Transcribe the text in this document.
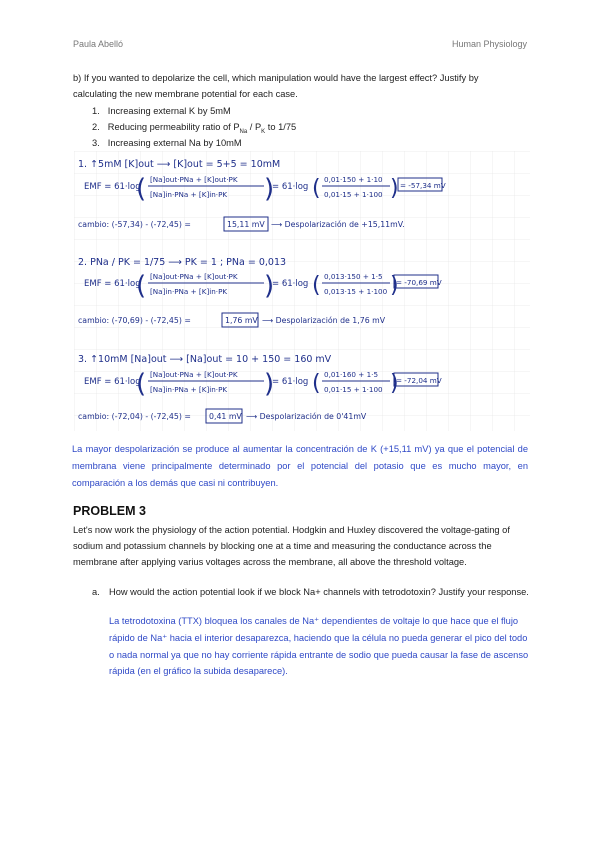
Paula Abelló	Human Physiology
b) If you wanted to depolarize the cell, which manipulation would have the largest effect? Justify by
calculating the new membrane potential for each case.
1. Increasing external K by 5mM
2. Reducing permeability ratio of $P_{Na} / P_K$ to 1/75
3. Increasing external Na by 10mM
1. ↑5mM [K]out ⟶ [K]out = 5+5 = 10mM
EMF = 61·log
( [Na]out·PNa + [K]out·PK
[Na]in·PNa + [K]in·PK )
= 61·log ( 0,01·150 + 1·10
0,01·15 + 1·100 ) = -57,34 mV
cambio: (-57,34) - (-72,45) =	15,11 mV ⟶ Despolarización de +15,11mV.
2. PNa / PK = 1/75 ⟶ PK = 1 ; PNa = 0,013
EMF = 61·log
( [Na]out·PNa + [K]out·PK
[Na]in·PNa + [K]in·PK )
= 61·log ( 0,013·150 + 1·5
0,013·15 + 1·100 )
= -70,69 mV
cambio: (-70,69) - (-72,45) =	1,76 mV ⟶ Despolarización de 1,76 mV
3. ↑10mM [Na]out ⟶ [Na]out = 10 + 150 = 160 mV
EMF = 61·log
( [Na]out·PNa + [K]out·PK
[Na]in·PNa + [K]in·PK )
= 61·log ( 0,01·160 + 1·5
0,01·15 + 1·100 )
= -72,04 mV
cambio: (-72,04) - (-72,45) = 0,41 mV ⟶ Despolarización de 0'41mV
La mayor despolarización se produce al aumentar la concentración de K (+15,11 mV) ya que el potencial de membrana viene principalmente determinado por el potencial del potasio que es mucho mayor, en comparación a los demás que casi ni contribuyen.
PROBLEM 3
Let's now work the physiology of the action potential. Hodgkin and Huxley discovered the voltage-gating of sodium and potassium channels by blocking one at a time and measuring the conductance across the membrane after applying varius voltages across the membrane, all above the threshold voltage.
a. How would the action potential look if we block Na+ channels with tetrodotoxin? Justify your response.
La tetrodotoxina (TTX) bloquea los canales de Na⁺ dependientes de voltaje lo que hace que el flujo rápido de Na⁺ hacia el interior desaparezca, haciendo que la célula no pueda generar el pico del todo o nada normal ya que no hay corriente rápida entrante de sodio que pueda causar la fase de ascenso rápida (en el gráfico la subida desaparece).
